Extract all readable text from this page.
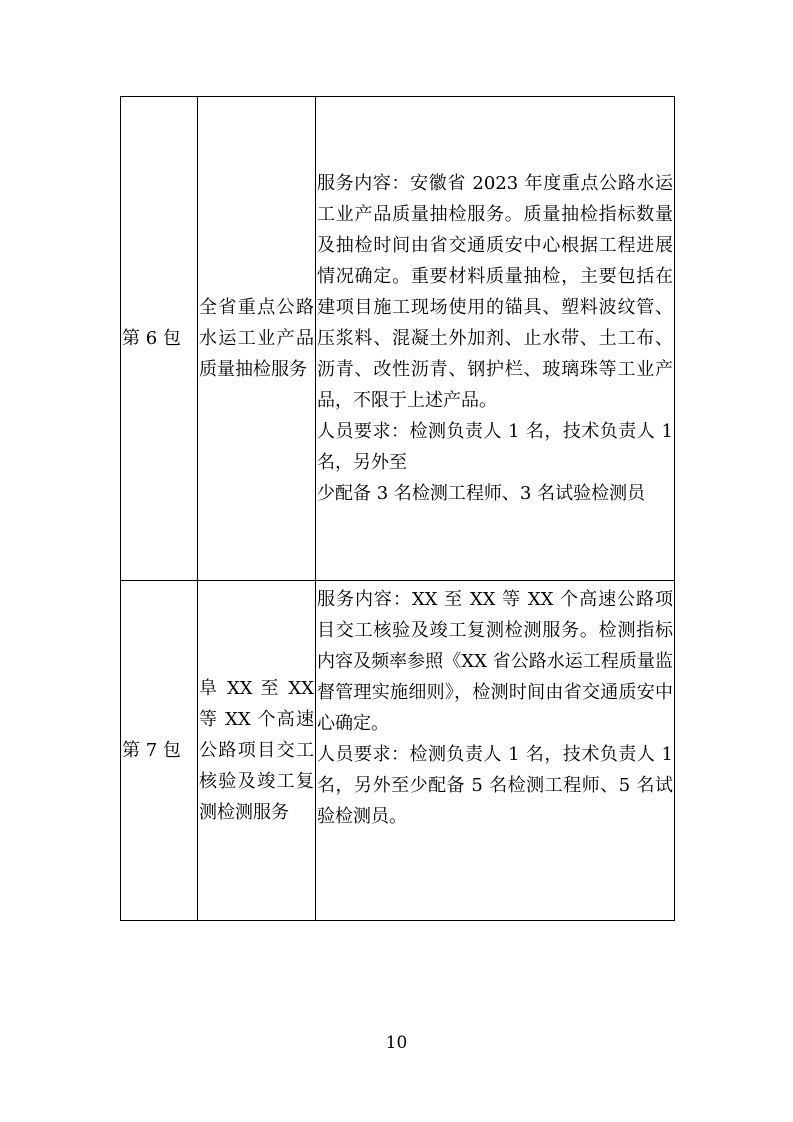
第 6 包	全省重点公路水运工业产品质量抽检服务	服务内容：安徽省 2023 年度重点公路水运工业产品质量抽检服务。质量抽检指标数量及抽检时间由省交通质安中心根据工程进展情况确定。重要材料质量抽检，主要包括在建项目施工现场使用的锚具、塑料波纹管、压浆料、混凝土外加剂、止水带、土工布、沥青、改性沥青、钢护栏、玻璃珠等工业产品，不限于上述产品。
人员要求：检测负责人 1 名，技术负责人 1 名，另外至
少配备 3 名检测工程师、3 名试验检测员

第 7 包	阜 XX 至 XX 等 XX 个高速公路项目交工核验及竣工复测检测服务	服务内容：XX 至 XX 等 XX 个高速公路项目交工核验及竣工复测检测服务。检测指标内容及频率参照《XX 省公路水运工程质量监督管理实施细则》，检测时间由省交通质安中心确定。
人员要求：检测负责人 1 名，技术负责人 1 名，另外至少配备 5 名检测工程师、5 名试验检测员。
10
